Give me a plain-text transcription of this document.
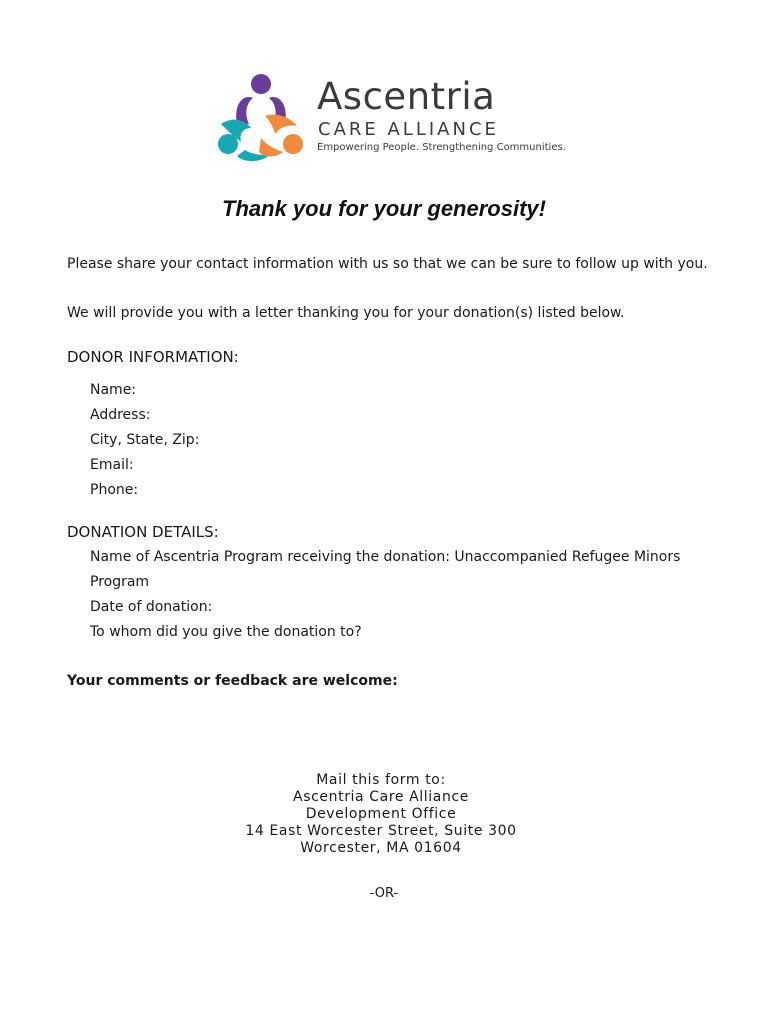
Ascentria
CARE ALLIANCE
Empowering People. Strengthening Communities.
Thank you for your generosity!
Please share your contact information with us so that we can be sure to follow up with you.
We will provide you with a letter thanking you for your donation(s) listed below.
DONOR INFORMATION:
Name:
Address:
City, State, Zip:
Email:
Phone:
DONATION DETAILS:
Name of Ascentria Program receiving the donation: Unaccompanied Refugee Minors
Program
Date of donation:
To whom did you give the donation to?
Your comments or feedback are welcome:
Mail this form to:
Ascentria Care Alliance
Development Office
14 East Worcester Street, Suite 300
Worcester, MA 01604
-OR-
